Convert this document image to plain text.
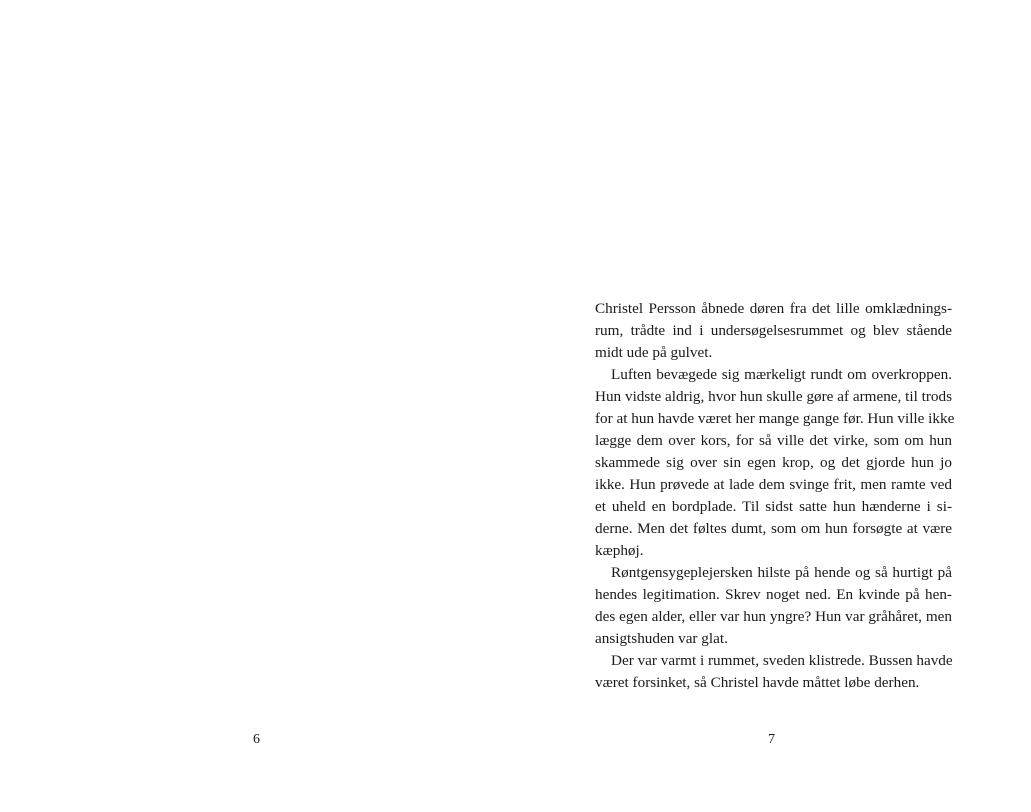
6
Christel Persson åbnede døren fra det lille omklædnings-
rum, trådte ind i undersøgelsesrummet og blev stående
midt ude på gulvet.
Luften bevægede sig mærkeligt rundt om overkroppen.
Hun vidste aldrig, hvor hun skulle gøre af armene, til trods
for at hun havde været her mange gange før. Hun ville ikke
lægge dem over kors, for så ville det virke, som om hun
skammede sig over sin egen krop, og det gjorde hun jo
ikke. Hun prøvede at lade dem svinge frit, men ramte ved
et uheld en bordplade. Til sidst satte hun hænderne i si-
derne. Men det føltes dumt, som om hun forsøgte at være
kæphøj.
Røntgensygeplejersken hilste på hende og så hurtigt på
hendes legitimation. Skrev noget ned. En kvinde på hen-
des egen alder, eller var hun yngre? Hun var gråhåret, men
ansigtshuden var glat.
Der var varmt i rummet, sveden klistrede. Bussen havde
været forsinket, så Christel havde måttet løbe derhen.
7
